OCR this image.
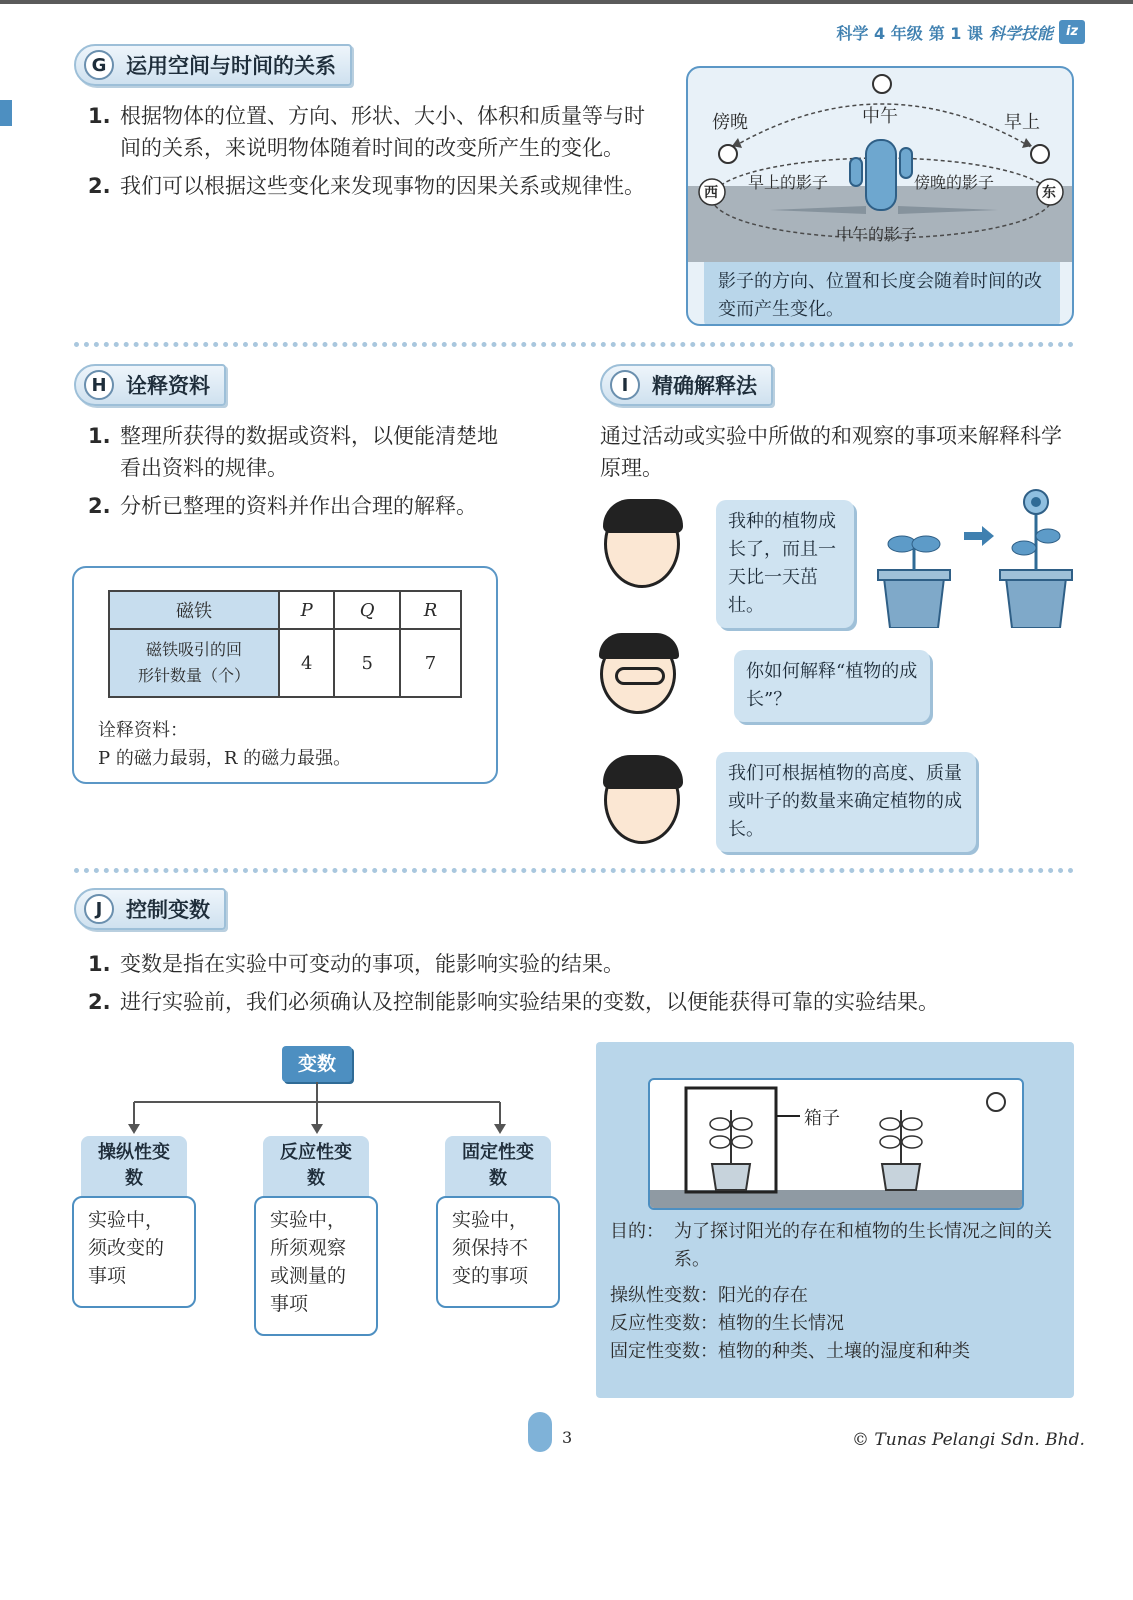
科学 4 年级 第 1 课 科学技能 iz
G 运用空间与时间的关系
1. 根据物体的位置、方向、形状、大小、体积和质量等与时间的关系，来说明物体随着时间的改变所产生的变化。
2. 我们可以根据这些变化来发现事物的因果关系或规律性。
傍晚	中午	早上
西	东
早上的影子	傍晚的影子
中午的影子
影子的方向、位置和长度会随着时间的改变而产生变化。
H 诠释资料
1. 整理所获得的数据或资料，以便能清楚地看出资料的规律。
2. 分析已整理的资料并作出合理的解释。
磁铁	P	Q	R

磁铁吸引的回
形针数量（个）	4	5	7
诠释资料：
P 的磁力最弱，R 的磁力最强。
I	精确解释法
通过活动或实验中所做的和观察的事项来解释科学原理。
我种的植物成长了，而且一天比一天茁壮。
你如何解释“植物的成长”？
我们可根据植物的高度、质量或叶子的数量来确定植物的成长。
J	控制变数
1. 变数是指在实验中可变动的事项，能影响实验的结果。
2. 进行实验前，我们必须确认及控制能影响实验结果的变数，以便能获得可靠的实验结果。
变数
操纵性变数
实验中，须改变的事项
反应性变数
实验中，所须观察或测量的事项
固定性变数
实验中，须保持不变的事项
箱子
目的： 为了探讨阳光的存在和植物的生长情况之间的关系。
操纵性变数：阳光的存在
反应性变数：植物的生长情况
固定性变数：植物的种类、土壤的湿度和种类
3	© Tunas Pelangi Sdn. Bhd.
